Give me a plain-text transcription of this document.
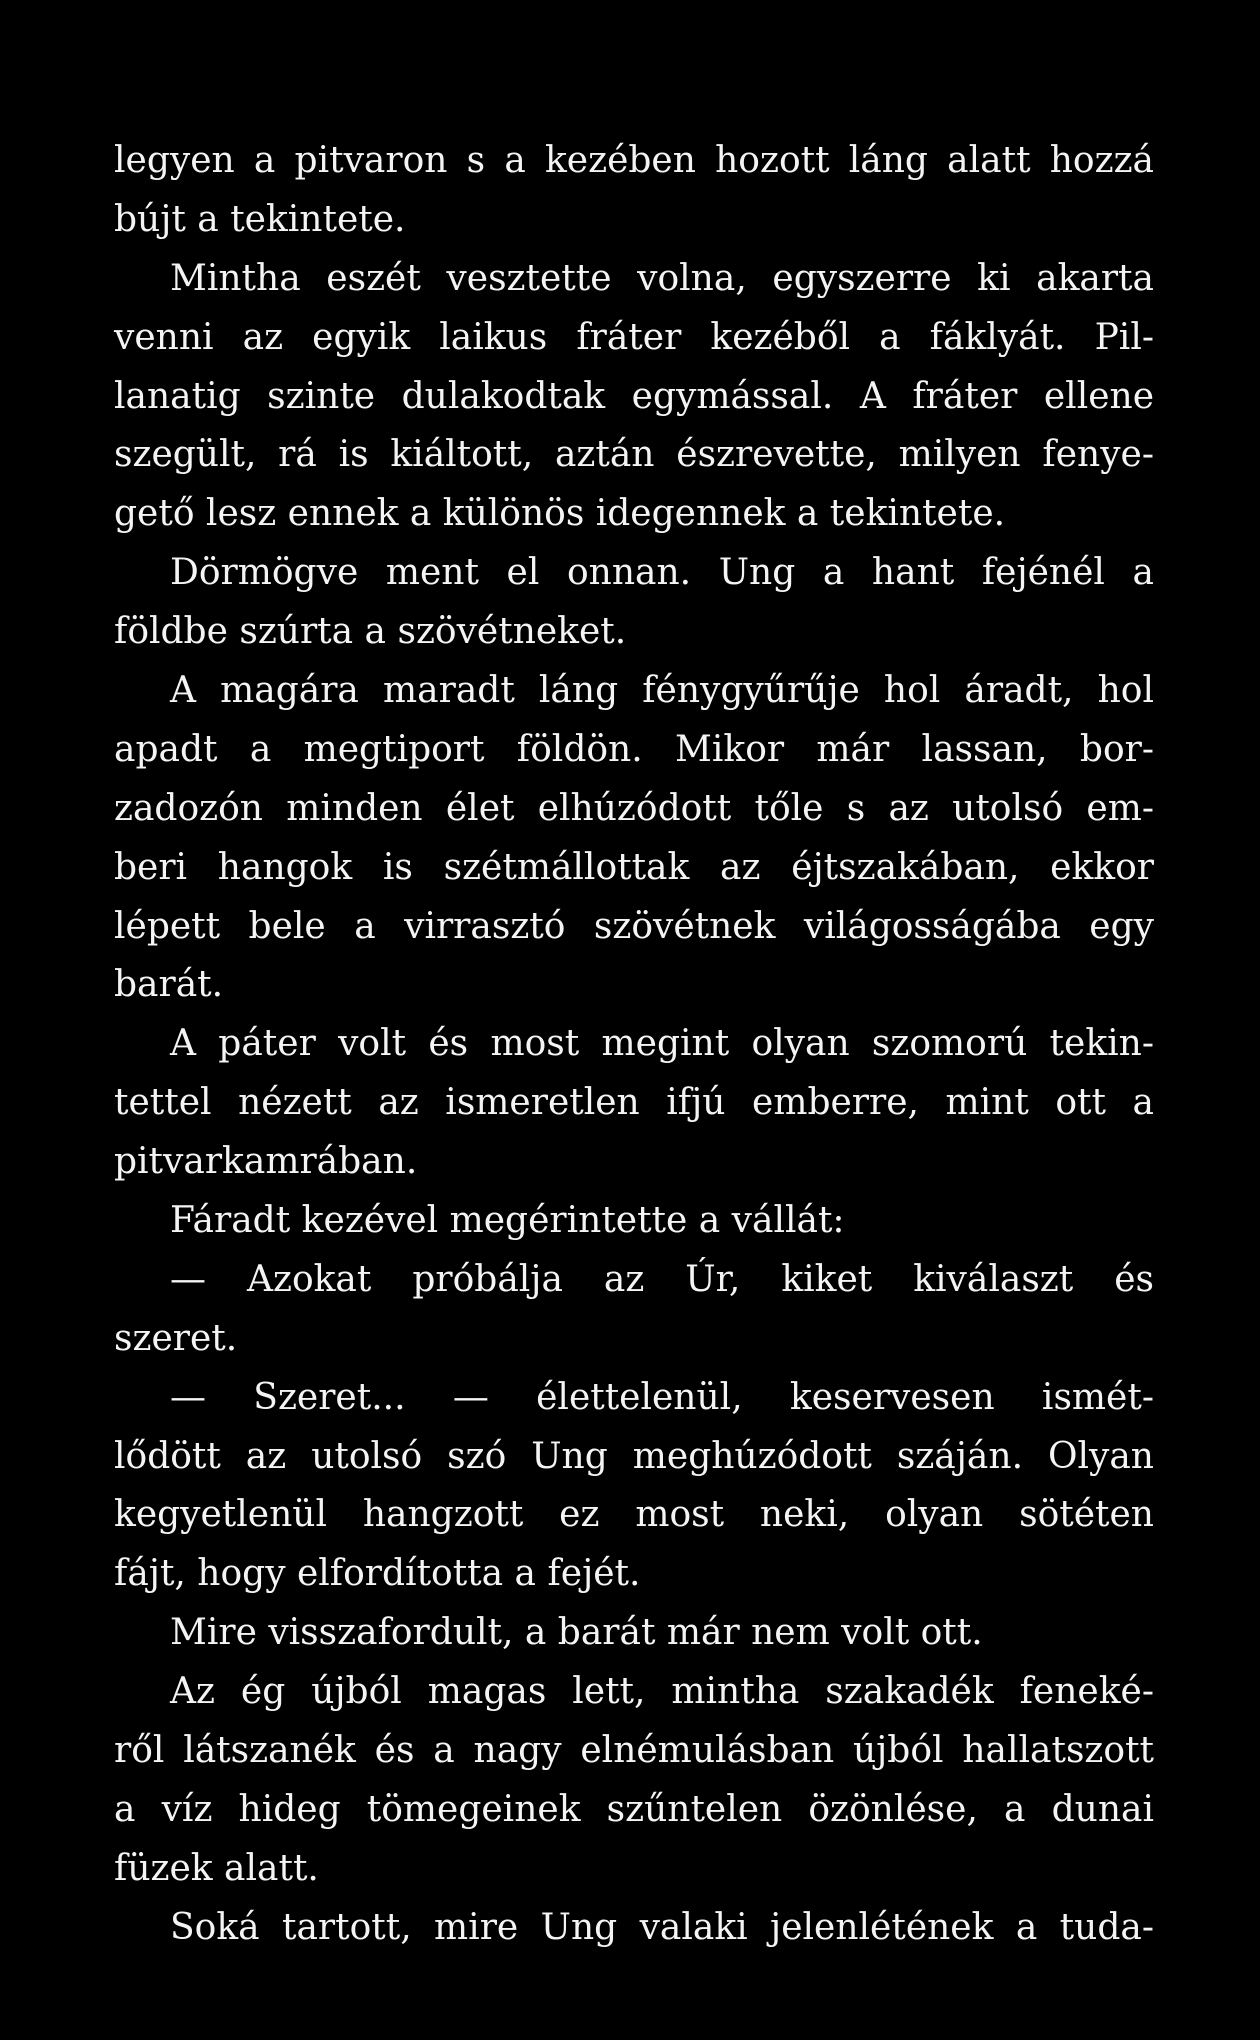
legyen a pitvaron s a kezében hozott láng alatt hozzá
bújt a tekintete.
Mintha eszét vesztette volna, egyszerre ki akarta
venni az egyik laikus fráter kezéből a fáklyát. Pil-
lanatig szinte dulakodtak egymással. A fráter ellene
szegült, rá is kiáltott, aztán észrevette, milyen fenye-
gető lesz ennek a különös idegennek a tekintete.
Dörmögve ment el onnan. Ung a hant fejénél a
földbe szúrta a szövétneket.
A magára maradt láng fénygyűrűje hol áradt, hol
apadt a megtiport földön. Mikor már lassan, bor-
zadozón minden élet elhúzódott tőle s az utolsó em-
beri hangok is szétmállottak az éjtszakában, ekkor
lépett bele a virrasztó szövétnek világosságába egy
barát.
A páter volt és most megint olyan szomorú tekin-
tettel nézett az ismeretlen ifjú emberre, mint ott a
pitvarkamrában.
Fáradt kezével megérintette a vállát:
— Azokat próbálja az Úr, kiket kiválaszt és
szeret.
— Szeret... — élettelenül, keservesen ismét-
lődött az utolsó szó Ung meghúzódott száján. Olyan
kegyetlenül hangzott ez most neki, olyan sötéten
fájt, hogy elfordította a fejét.
Mire visszafordult, a barát már nem volt ott.
Az ég újból magas lett, mintha szakadék feneké-
ről látszanék és a nagy elnémulásban újból hallatszott
a víz hideg tömegeinek szűntelen özönlése, a dunai
füzek alatt.
Soká tartott, mire Ung valaki jelenlétének a tuda-
